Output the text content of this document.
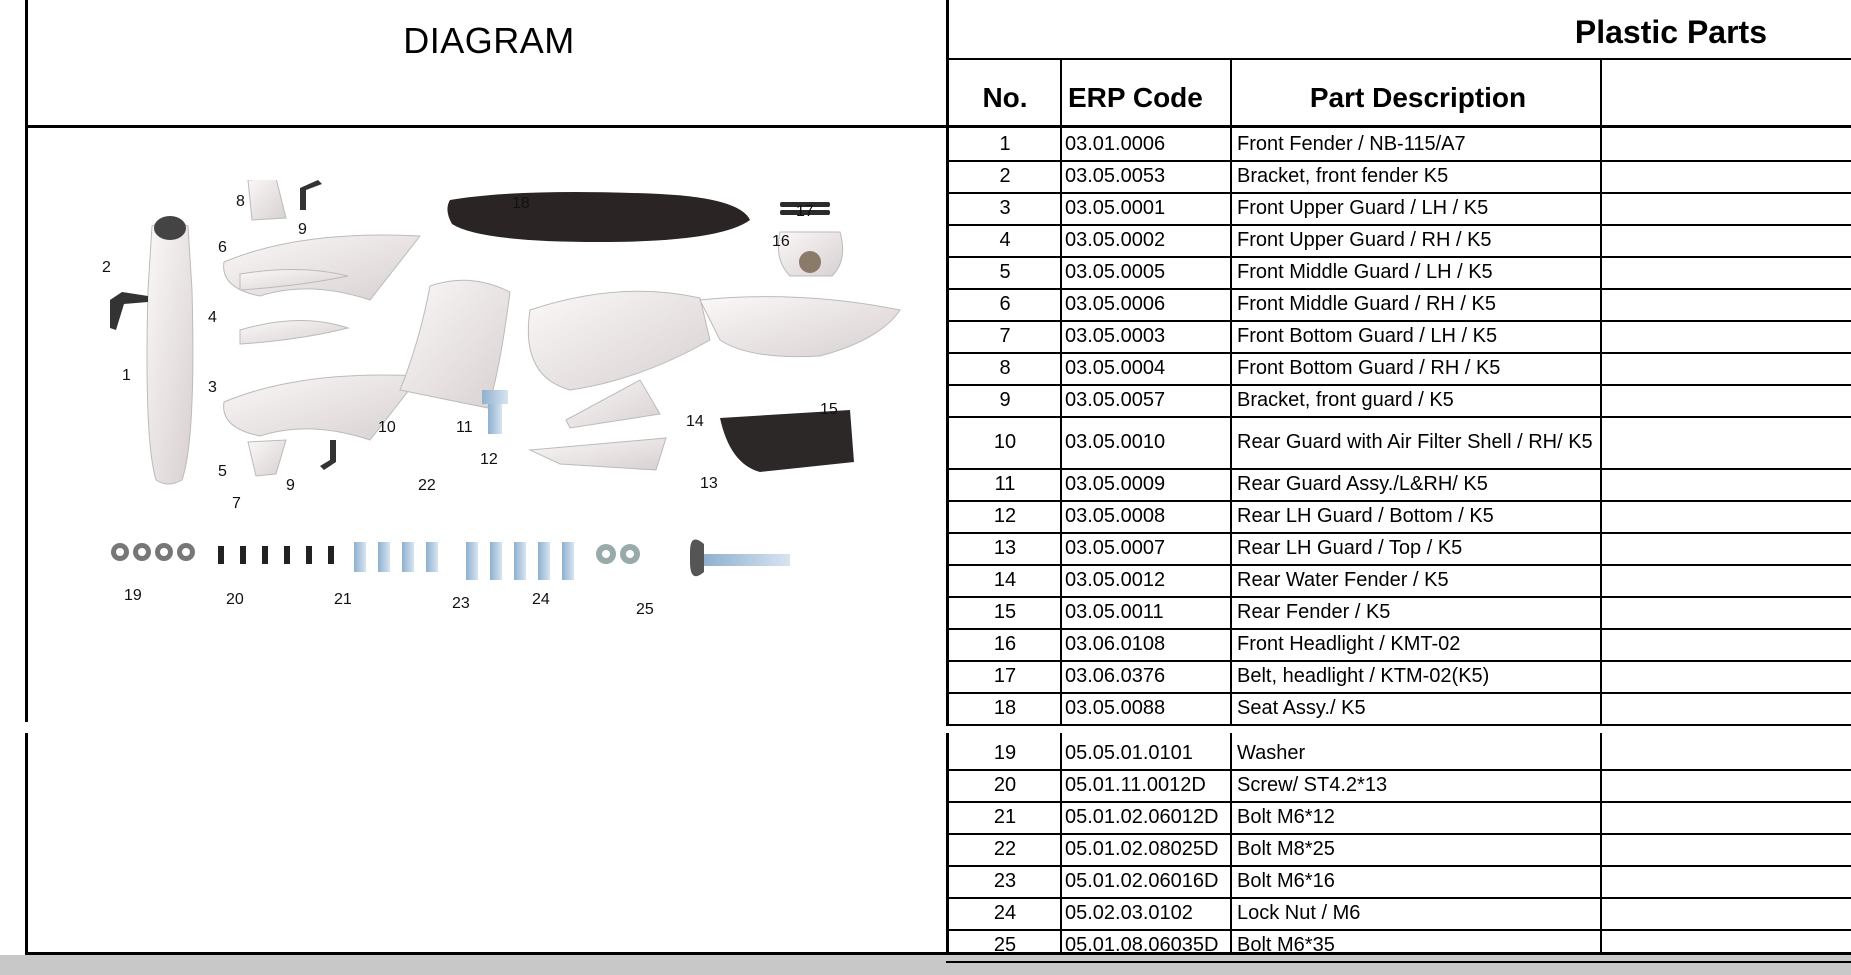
DIAGRAM	Plastic Parts
No.	ERP Code	Part Description
1	03.01.0006	Front Fender / NB-115/A7
2	03.05.0053	Bracket, front fender K5
3	03.05.0001	Front Upper Guard / LH / K5
4	03.05.0002	Front Upper Guard / RH / K5
5	03.05.0005	Front Middle Guard / LH / K5
6	03.05.0006	Front Middle Guard / RH / K5
7	03.05.0003	Front Bottom Guard / LH / K5
8	03.05.0004	Front Bottom Guard / RH / K5
9	03.05.0057	Bracket, front guard / K5
10	03.05.0010	Rear Guard with Air Filter Shell / RH/ K5
11	03.05.0009	Rear Guard Assy./L&RH/ K5
12	03.05.0008	Rear LH Guard / Bottom / K5
13	03.05.0007	Rear LH Guard / Top / K5
14	03.05.0012	Rear Water Fender / K5
15	03.05.0011	Rear Fender / K5
16	03.06.0108	Front Headlight / KMT-02
17	03.06.0376	Belt, headlight / KTM-02(K5)
18	03.05.0088	Seat Assy./ K5
19	05.05.01.0101 Washer
20	05.01.11.0012D Screw/ ST4.2*13
21	05.01.02.06012D Bolt M6*12
22	05.01.02.08025D Bolt M8*25
23	05.01.02.06016D Bolt M6*16
24	05.02.03.0102 Lock Nut / M6
25	05.01.08.06035D Bolt M6*35
1
2
3
4
5
6
7
8
9
9
10	11
12
13
14
15
16
17
18
19	20	21
22
23	24
25
